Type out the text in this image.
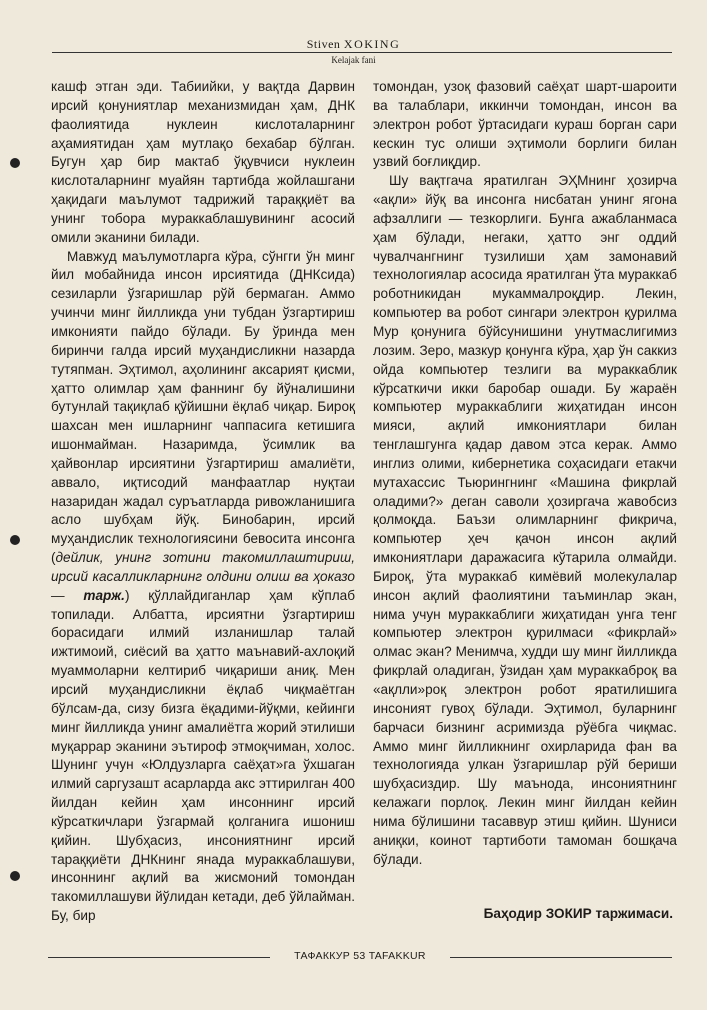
Stiven XOKING
Kelajak fani

кашф этган эди. Табиийки, у вақтда Дарвин ирсий қонуниятлар механизмидан ҳам, ДНК фаолиятида нуклеин кислоталарнинг аҳамиятидан ҳам мутлақо бехабар бўлган. Бугун ҳар бир мактаб ўқувчиси нуклеин кислоталарнинг муайян тартибда жойлашгани ҳақидаги маълумот тадрижий тараққиёт ва унинг тобора мураккаблашувининг асосий омили эканини билади.

Мавжуд маълумотларга кўра, сўнгги ўн минг йил мобайнида инсон ирсиятида (ДНКсида) сезиларли ўзгаришлар рўй бермаган. Аммо учинчи минг йилликда уни тубдан ўзгартириш имконияти пайдо бўлади. Бу ўринда мен биринчи галда ирсий муҳандисликни назарда тутяпман. Эҳтимол, аҳолининг аксарият қисми, ҳатто олимлар ҳам фаннинг бу йўналишини бутунлай тақиқлаб қўйишни ёқлаб чиқар. Бироқ шахсан мен ишларнинг чаппасига кетишига ишонмайман. Назаримда, ўсимлик ва ҳайвонлар ирсиятини ўзгартириш амалиёти, аввало, иқтисодий манфаатлар нуқтаи назаридан жадал суръатларда ривожланишига асло шубҳам йўқ. Бинобарин, ирсий муҳандислик технологиясини бевосита инсонга (дейлик, унинг зотини такомиллаштириш, ирсий касалликларнинг олдини олиш ва ҳоказо — тарж.) қўллайдиганлар ҳам кўплаб топилади. Албатта, ирсиятни ўзгартириш борасидаги илмий изланишлар талай ижтимоий, сиёсий ва ҳатто маънавий-ахлоқий муаммоларни келтириб чиқариши аниқ. Мен ирсий муҳандисликни ёқлаб чиқмаётган бўлсам-да, сизу бизга ёқадими-йўқми, кейинги минг йилликда унинг амалиётга жорий этилиши муқаррар эканини эътироф этмоқчиман, холос. Шунинг учун «Юлдузларга саёҳат»га ўхшаган илмий саргузашт асарларда акс эттирилган 400 йилдан кейин ҳам инсоннинг ирсий кўрсаткичлари ўзгармай қолганига ишониш қийин. Шубҳасиз, инсониятнинг ирсий тараққиёти ДНКнинг янада мураккаблашуви, инсоннинг ақлий ва жисмоний томондан такомиллашуви йўлидан кетади, деб ўйлайман. Бу, бир

томондан, узоқ фазовий саёҳат шарт-шароити ва талаблари, иккинчи томондан, инсон ва электрон робот ўртасидаги кураш борган сари кескин тус олиши эҳтимоли борлиги билан узвий боғлиқдир.

Шу вақтгача яратилган ЭҲМнинг ҳозирча «ақли» йўқ ва инсонга нисбатан унинг ягона афзаллиги — тезкорлиги. Бунга ажабланмаса ҳам бўлади, негаки, ҳатто энг оддий чувалчангнинг тузилиши ҳам замонавий технологиялар асосида яратилган ўта мураккаб роботникидан мукаммалроқдир. Лекин, компьютер ва робот сингари электрон қурилма Мур қонунига бўйсунишини унутмаслигимиз лозим. Зеро, мазкур қонунга кўра, ҳар ўн саккиз ойда компьютер тезлиги ва мураккаблик кўрсаткичи икки баробар ошади. Бу жараён компьютер мураккаблиги жиҳатидан инсон мияси, ақлий имкониятлари билан тенглашгунга қадар давом этса керак. Аммо инглиз олими, кибернетика соҳасидаги етакчи мутахассис Тьюрингнинг «Машина фикрлай оладими?» деган саволи ҳозиргача жавобсиз қолмоқда. Баъзи олимларнинг фикрича, компьютер ҳеч қачон инсон ақлий имкониятлари даражасига кўтарила олмайди. Бироқ, ўта мураккаб кимёвий молекулалар инсон ақлий фаолиятини таъминлар экан, нима учун мураккаблиги жиҳатидан унга тенг компьютер электрон қурилмаси «фикрлай» олмас экан? Менимча, худди шу минг йилликда фикрлай оладиган, ўзидан ҳам мураккаброқ ва «ақлли»роқ электрон робот яратилишига инсоният гувоҳ бўлади. Эҳтимол, буларнинг барчаси бизнинг асримизда рўёбга чиқмас. Аммо минг йилликнинг охирларида фан ва технологияда улкан ўзгаришлар рўй бериши шубҳасиздир. Шу маънода, инсониятнинг келажаги порлоқ. Лекин минг йилдан кейин нима бўлишини тасаввур этиш қийин. Шуниси аниқки, коинот тартиботи тамоман бошқача бўлади.

Баҳодир ЗОКИР таржимаси.
ТАФАККУР 53 TAFAKKUR
